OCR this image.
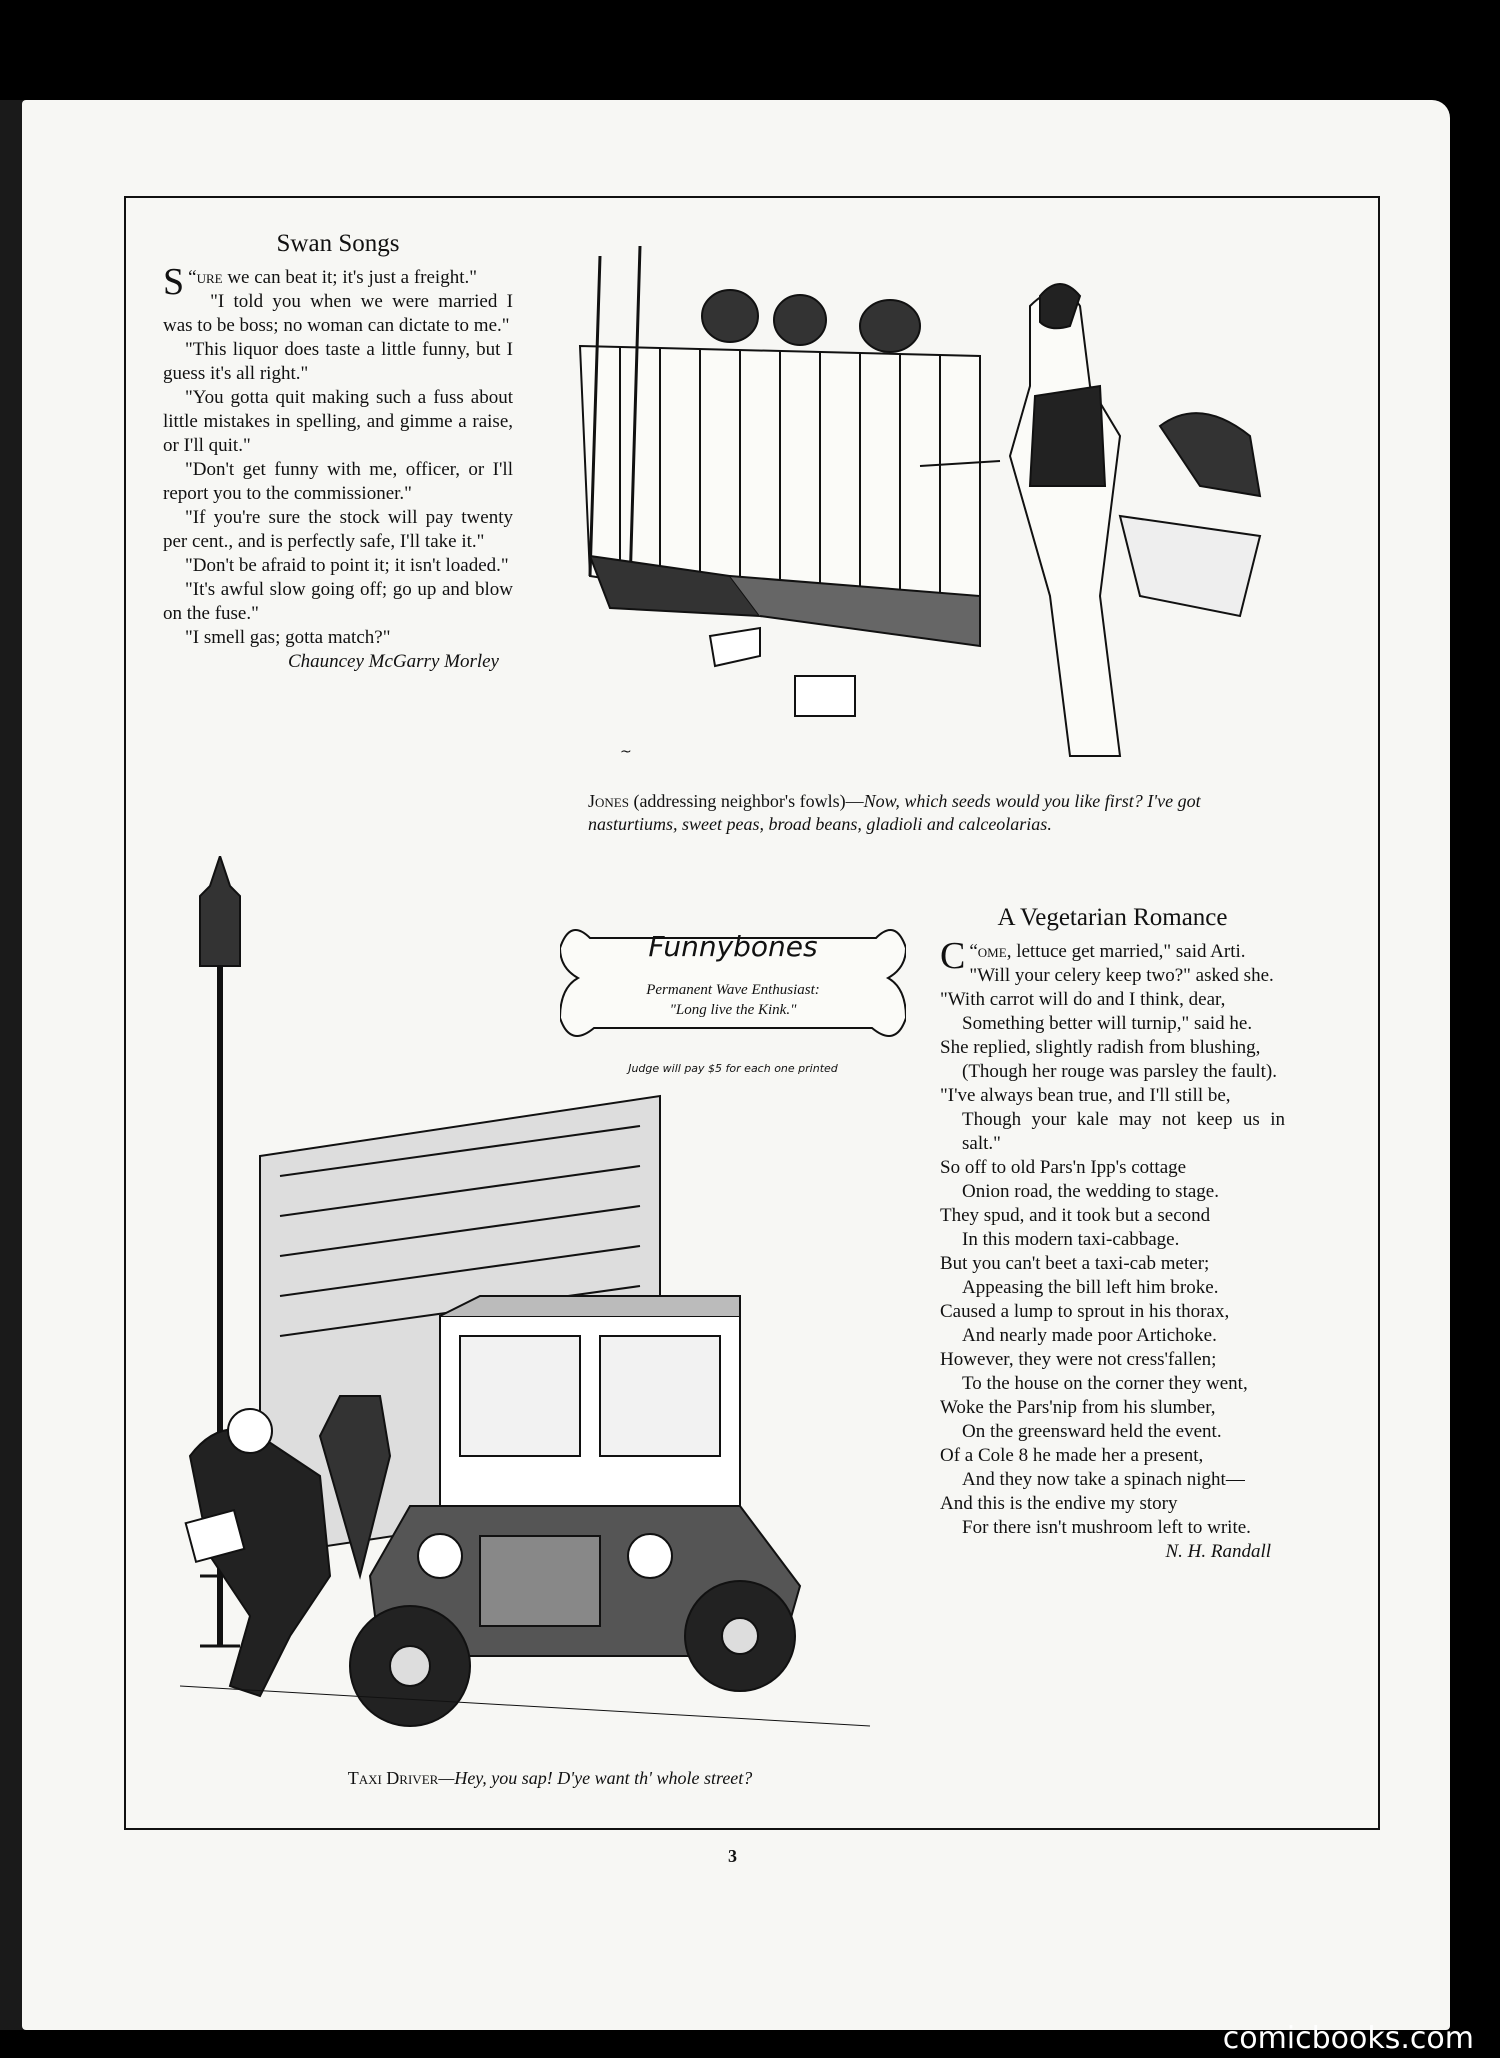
Swan Songs

“
S ure we can beat it; it's just a freight."

"I told you when we were married I was to be boss; no woman can dictate to me."

"This liquor does taste a little funny, but I guess it's all right."

"You gotta quit making such a fuss about little mistakes in spelling, and gimme a raise, or I'll quit."

"Don't get funny with me, officer, or I'll report you to the commissioner."

"If you're sure the stock will pay twenty per cent., and is perfectly safe, I'll take it."

"Don't be afraid to point it; it isn't loaded."

"It's awful slow going off; go up and blow on the fuse."

"I smell gas; gotta match?"

Chauncey McGarry Morley
~
Jones (addressing neighbor's fowls)—Now, which seeds would you like first? I've got nasturtiums, sweet peas, broad beans, gladioli and calceolarias.
Taxi Driver—Hey, you sap! D'ye want th' whole street?
Funnybones
Permanent Wave Enthusiast:
"Long live the Kink."
Judge will pay $5 for each one printed
A Vegetarian Romance

“
C ome, lettuce get married," said Arti.

"Will your celery keep two?" asked she.

"With carrot will do and I think, dear,

Something better will turnip," said he.

She replied, slightly radish from blushing,

(Though her rouge was parsley the fault).

"I've always bean true, and I'll still be,

Though your kale may not keep us in salt."

So off to old Pars'n Ipp's cottage

Onion road, the wedding to stage.

They spud, and it took but a second

In this modern taxi-cabbage.

But you can't beet a taxi-cab meter;

Appeasing the bill left him broke.

Caused a lump to sprout in his thorax,

And nearly made poor Artichoke.

However, they were not cress'fallen;

To the house on the corner they went,

Woke the Pars'nip from his slumber,

On the greensward held the event.

Of a Cole 8 he made her a present,

And they now take a spinach night—

And this is the endive my story

For there isn't mushroom left to write.

N. H. Randall
3
comicbooks.com
